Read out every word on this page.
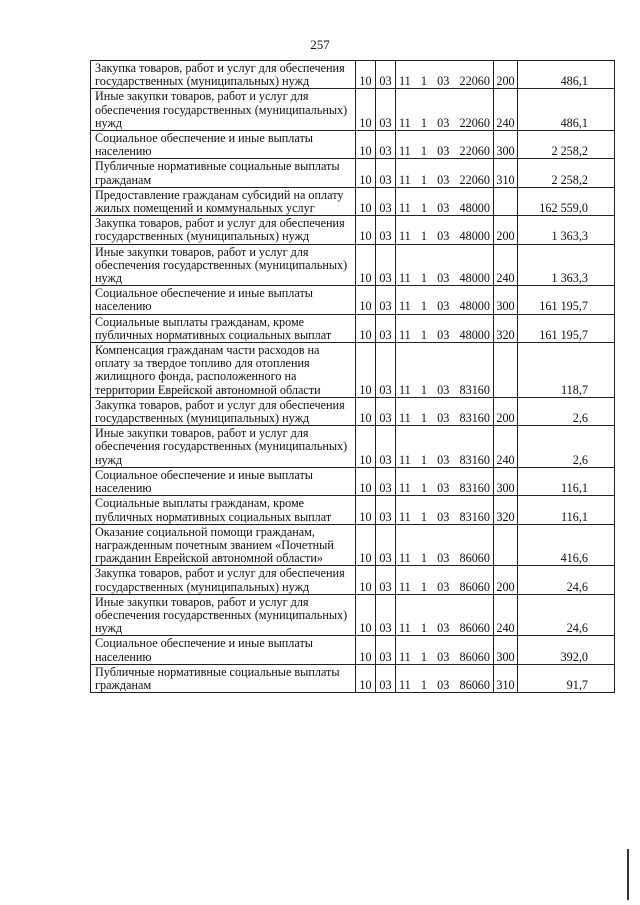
257
Закупка товаров, работ и услуг для обеспечения государственных (муниципальных) нужд	10	03	11 1 03 22060	200	486,1
Иные закупки товаров, работ и услуг для обеспечения государственных (муниципальных) нужд	10	03	11 1 03 22060	240	486,1
Социальное обеспечение и иные выплаты населению	10	03	11 1 03 22060	300	2 258,2
Публичные нормативные социальные выплаты гражданам	10	03	11 1 03 22060	310	2 258,2
Предоставление гражданам субсидий на оплату жилых помещений и коммунальных услуг	10	03	11 1 03 48000		162 559,0
Закупка товаров, работ и услуг для обеспечения государственных (муниципальных) нужд	10	03	11 1 03 48000	200	1 363,3
Иные закупки товаров, работ и услуг для обеспечения государственных (муниципальных) нужд	10	03	11 1 03 48000	240	1 363,3
Социальное обеспечение и иные выплаты населению	10	03	11 1 03 48000	300	161 195,7
Социальные выплаты гражданам, кроме публичных нормативных социальных выплат	10	03	11 1 03 48000	320	161 195,7
Компенсация гражданам части расходов на оплату за твердое топливо для отопления жилищного фонда, расположенного на территории Еврейской автономной области	10	03	11 1 03 83160		118,7
Закупка товаров, работ и услуг для обеспечения государственных (муниципальных) нужд	10	03	11 1 03 83160	200	2,6
Иные закупки товаров, работ и услуг для обеспечения государственных (муниципальных) нужд	10	03	11 1 03 83160	240	2,6
Социальное обеспечение и иные выплаты населению	10	03	11 1 03 83160	300	116,1
Социальные выплаты гражданам, кроме публичных нормативных социальных выплат	10	03	11 1 03 83160	320	116,1
Оказание социальной помощи гражданам, награжденным почетным званием «Почетный гражданин Еврейской автономной области»	10	03	11 1 03 86060		416,6
Закупка товаров, работ и услуг для обеспечения государственных (муниципальных) нужд	10	03	11 1 03 86060	200	24,6
Иные закупки товаров, работ и услуг для обеспечения государственных (муниципальных) нужд	10	03	11 1 03 86060	240	24,6
Социальное обеспечение и иные выплаты населению	10	03	11 1 03 86060	300	392,0
Публичные нормативные социальные выплаты гражданам	10	03	11 1 03 86060	310	91,7
